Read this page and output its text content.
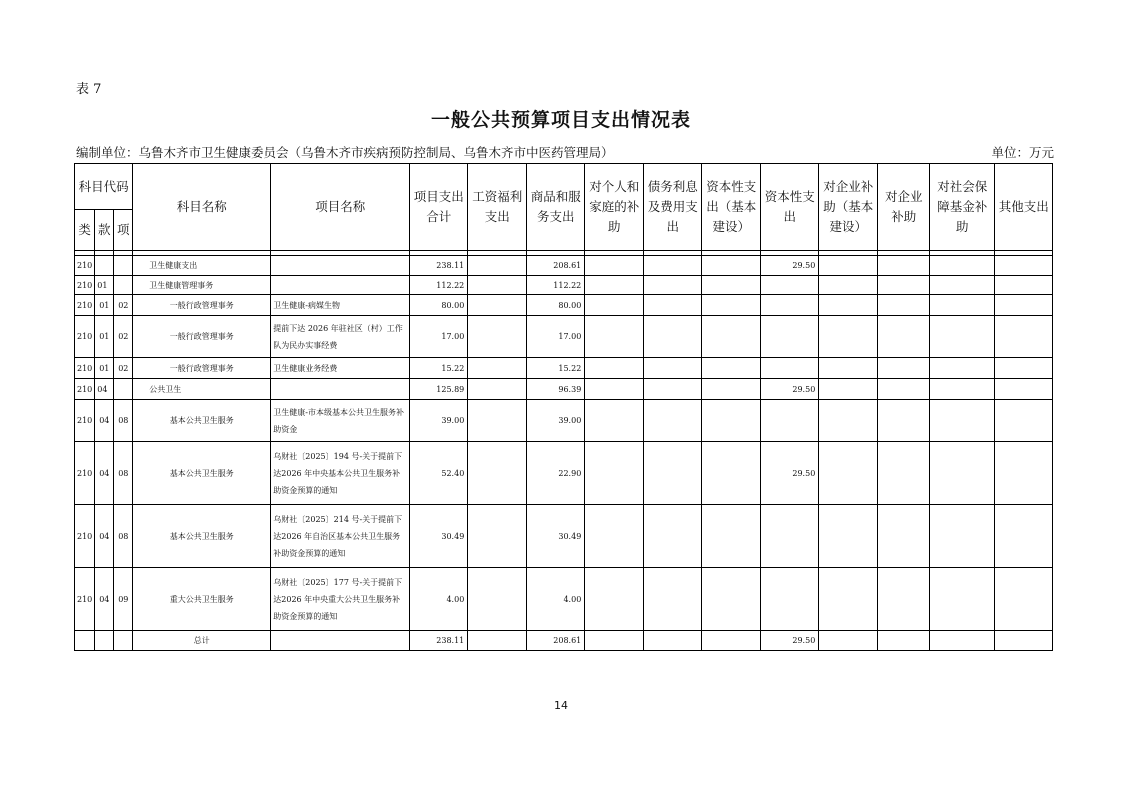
表 7
一般公共预算项目支出情况表
编制单位：乌鲁木齐市卫生健康委员会（乌鲁木齐市疾病预防控制局、乌鲁木齐市中医药管理局）	单位：万元
科目代码			科目名称	项目名称	项目支出合计	工资福利支出	商品和服务支出	对个人和家庭的补助	债务利息及费用支出	资本性支出（基本建设）	资本性支出	对企业补助（基本建设）	对企业补助	对社会保障基金补助	其他支出
类	款	项													

210			卫生健康支出		238.11		208.61				29.50				
210	01		卫生健康管理事务		112.22		112.22								
210	01	02	一般行政管理事务	卫生健康-病媒生物	80.00		80.00								
210	01	02	一般行政管理事务	提前下达 2026 年驻社区（村）工作队为民办实事经费	17.00		17.00								
210	01	02	一般行政管理事务	卫生健康业务经费	15.22		15.22								
210	04		公共卫生		125.89		96.39				29.50				
210	04	08	基本公共卫生服务	卫生健康-市本级基本公共卫生服务补助资金	39.00		39.00								
210	04	08	基本公共卫生服务	乌财社〔2025〕194 号-关于提前下达2026 年中央基本公共卫生服务补助资金预算的通知	52.40		22.90				29.50				
210	04	08	基本公共卫生服务	乌财社〔2025〕214 号-关于提前下达2026 年自治区基本公共卫生服务补助资金预算的通知	30.49		30.49								
210	04	09	重大公共卫生服务	乌财社〔2025〕177 号-关于提前下达2026 年中央重大公共卫生服务补助资金预算的通知	4.00		4.00								
			总计		238.11		208.61				29.50				
14
